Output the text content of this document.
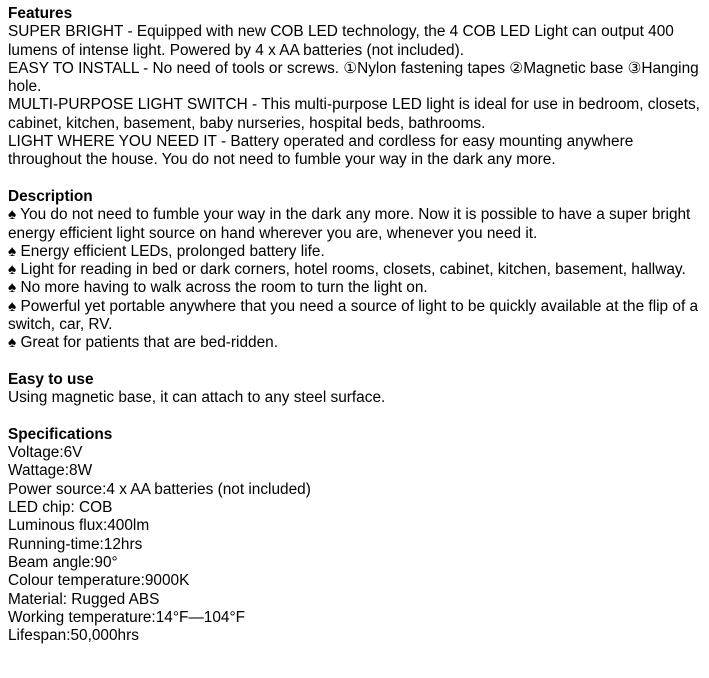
Features
SUPER BRIGHT - Equipped with new COB LED technology, the 4 COB LED Light can output 400 lumens of intense light. Powered by 4 x AA batteries (not included).
EASY TO INSTALL - No need of tools or screws. ①Nylon fastening tapes ②Magnetic base ③Hanging hole.
MULTI-PURPOSE LIGHT SWITCH - This multi-purpose LED light is ideal for use in bedroom, closets, cabinet, kitchen, basement, baby nurseries, hospital beds, bathrooms.
LIGHT WHERE YOU NEED IT - Battery operated and cordless for easy mounting anywhere throughout the house. You do not need to fumble your way in the dark any more.
Description
♠ You do not need to fumble your way in the dark any more. Now it is possible to have a super bright energy efficient light source on hand wherever you are, whenever you need it.
♠ Energy efficient LEDs, prolonged battery life.
♠ Light for reading in bed or dark corners, hotel rooms, closets, cabinet, kitchen, basement, hallway.
♠ No more having to walk across the room to turn the light on.
♠ Powerful yet portable anywhere that you need a source of light to be quickly available at the flip of a switch, car, RV.
♠ Great for patients that are bed-ridden.
Easy to use
Using magnetic base, it can attach to any steel surface.
Specifications
Voltage:6V
Wattage:8W
Power source:4 x AA batteries (not included)
LED chip: COB
Luminous flux:400lm
Running-time:12hrs
Beam angle:90°
Colour temperature:9000K
Material: Rugged ABS
Working temperature:14°F—104°F
Lifespan:50,000hrs
